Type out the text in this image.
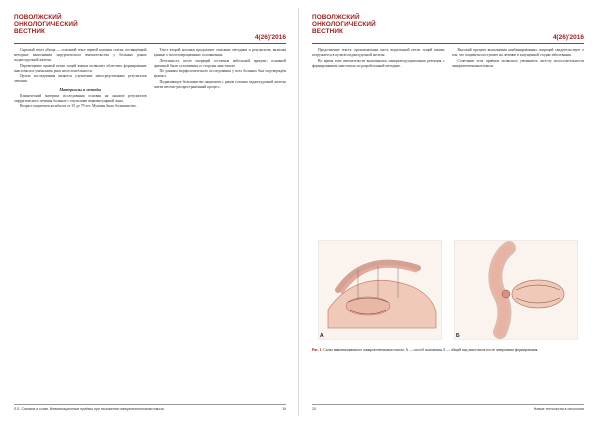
ПОВОЛЖСКИЙ
ОНКОЛОГИЧЕСКИЙ
ВЕСТНИК
4(26)'2016

Скрытый текст абзаца — основной текст первой колонки статьи, посвящённой методике выполнения хирургического вмешательства у больных раком поджелудочной железы.

Перемещение прямой ветви тощей кишки позволяет облегчить формирование анастомоза и уменьшить риск несостоятельности.

Целью исследования является улучшение непосредственных результатов лечения.

Материалы и методы

Клинический материал исследования основан на анализе результатов хирургического лечения больных с опухолями периампулярной зоны.

Возраст пациентов колебался от 35 до 79 лет. Мужчин было большинство.

Текст второй колонки продолжает описание методики и результатов, включая данные о послеоперационных осложнениях.

Летальность после операций составила небольшой процент; основной причиной были осложнения со стороны анастомоза.

По данным морфологического исследования у всех больных был подтверждён диагноз.

Подавляющее большинство пациентов с раком головки поджелудочной железы имели местно-распространённый процесс.

Л.Е. Синяков и соавт. Инвагинационные приёмы при наложении панкреатоеюноанастомоза	19
ПОВОЛЖСКИЙ
ОНКОЛОГИЧЕСКИЙ
ВЕСТНИК
4(26)'2016

Продолжение текста: проксимальная часть выделенной петли тощей кишки погружается в культю поджелудочной железы.

Во время этих вмешательств выполнялась панкреатодуоденальная резекция с формированием анастомоза по разработанной методике.

Высокий процент выполнения комбинированных операций свидетельствует о том, что пациенты поступают на лечение в запущенной стадии заболевания.

Сочетание этих приёмов позволило уменьшить частоту несостоятельности панкреатоеюноанастомоза.

A	Б
Рис. 1. Схема инвагинационного панкреатоеюноанастомоза: А — способ наложения, Б — общий вид анастомоза после завершения формирования.
20	Новые технологии в онкологии
